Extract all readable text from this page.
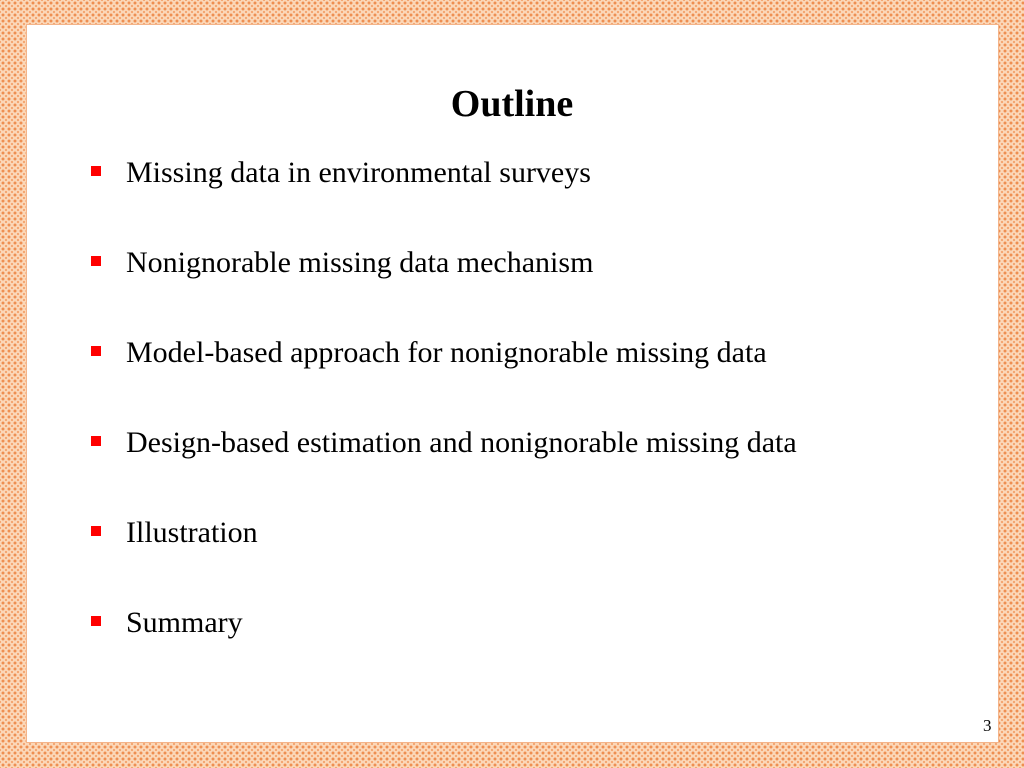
Outline
Missing data in environmental surveys
Nonignorable missing data mechanism
Model-based approach for nonignorable missing data
Design-based estimation and nonignorable missing data
Illustration
Summary
3
